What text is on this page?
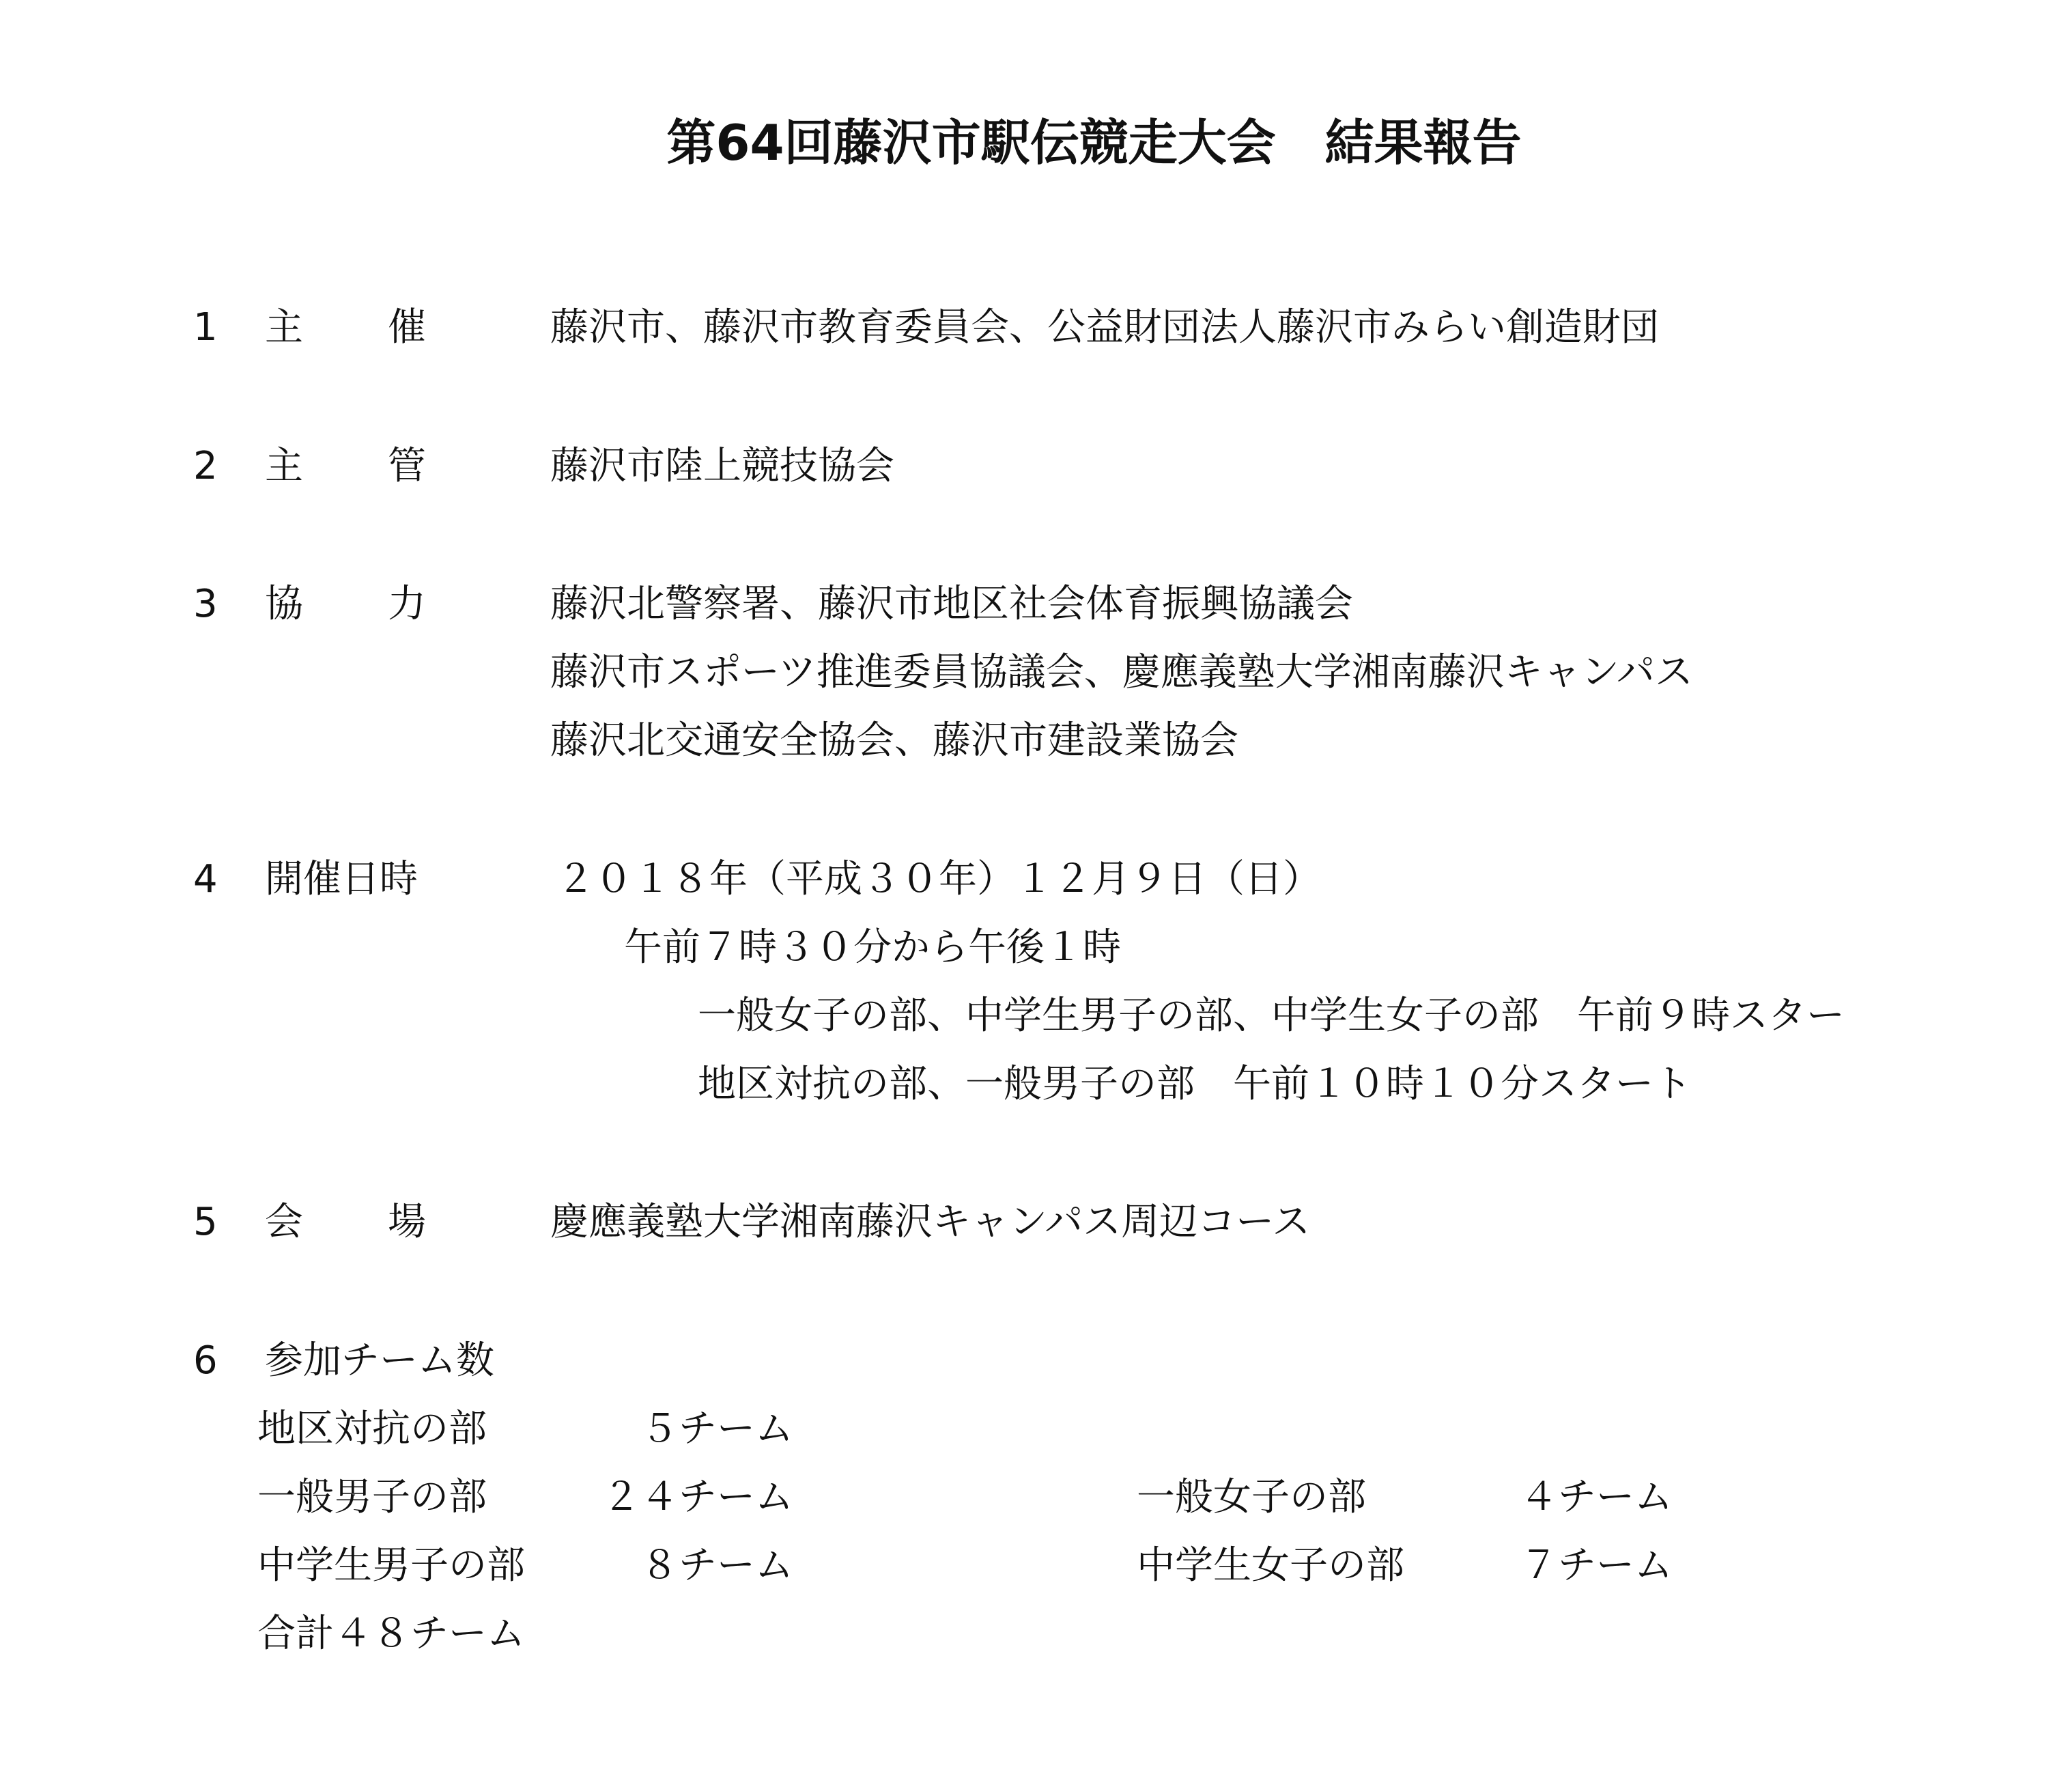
第64回藤沢市駅伝競走大会　結果報告
1 主 催	藤沢市、藤沢市教育委員会、公益財団法人藤沢市みらい創造財団
2 主 管	藤沢市陸上競技協会
3 協 力	藤沢北警察署、藤沢市地区社会体育振興協議会
藤沢市スポーツ推進委員協議会、慶應義塾大学湘南藤沢キャンパス
藤沢北交通安全協会、藤沢市建設業協会
4 開催日時	２０１８年（平成３０年）１２月９日（日）
午前７時３０分から午後１時
一般女子の部、中学生男子の部、中学生女子の部　午前９時スター
地区対抗の部、一般男子の部　午前１０時１０分スタート
5 会 場	慶應義塾大学湘南藤沢キャンパス周辺コース
6 参加チーム数
地区対抗の部	５チーム
一般男子の部	２４チーム	一般女子の部	４チーム
中学生男子の部	８チーム	中学生女子の部	７チーム
合計４８チーム
